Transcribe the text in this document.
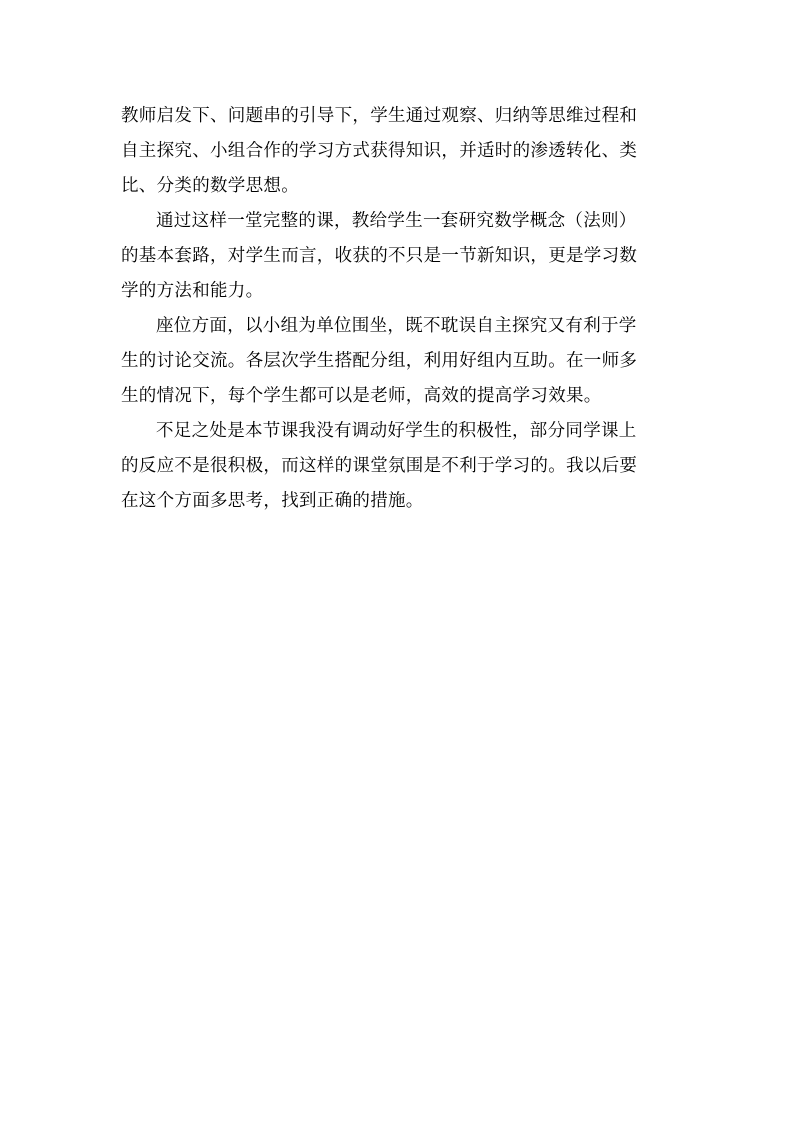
教师启发下、问题串的引导下，学生通过观察、归纳等思维过程和
自主探究、小组合作的学习方式获得知识，并适时的渗透转化、类
比、分类的数学思想。

通过这样一堂完整的课，教给学生一套研究数学概念（法则）
的基本套路，对学生而言，收获的不只是一节新知识，更是学习数
学的方法和能力。

座位方面，以小组为单位围坐，既不耽误自主探究又有利于学
生的讨论交流。各层次学生搭配分组，利用好组内互助。在一师多
生的情况下，每个学生都可以是老师，高效的提高学习效果。

不足之处是本节课我没有调动好学生的积极性，部分同学课上
的反应不是很积极，而这样的课堂氛围是不利于学习的。我以后要
在这个方面多思考，找到正确的措施。
